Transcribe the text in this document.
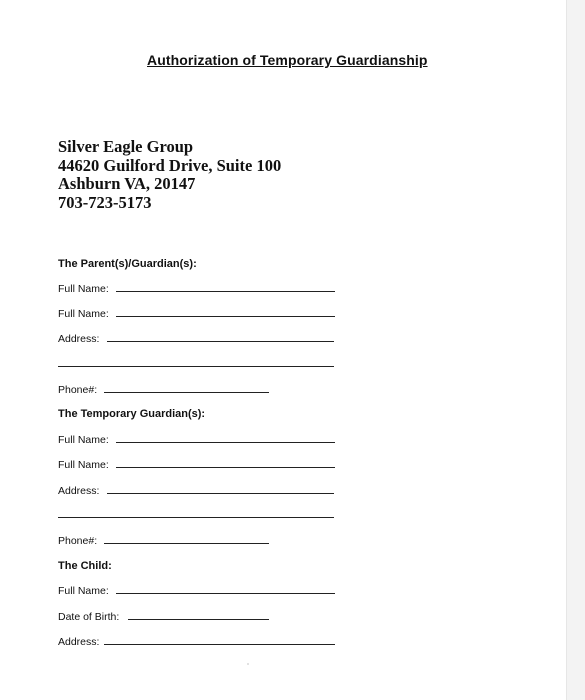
Authorization of Temporary Guardianship
Silver Eagle Group
44620 Guilford Drive, Suite 100
Ashburn VA, 20147
703-723-5173
The Parent(s)/Guardian(s):
Full Name:
Full Name:
Address:
Phone#:
The Temporary Guardian(s):
Full Name:
Full Name:
Address:
Phone#:
The Child:
Full Name:
Date of Birth:
Address:
